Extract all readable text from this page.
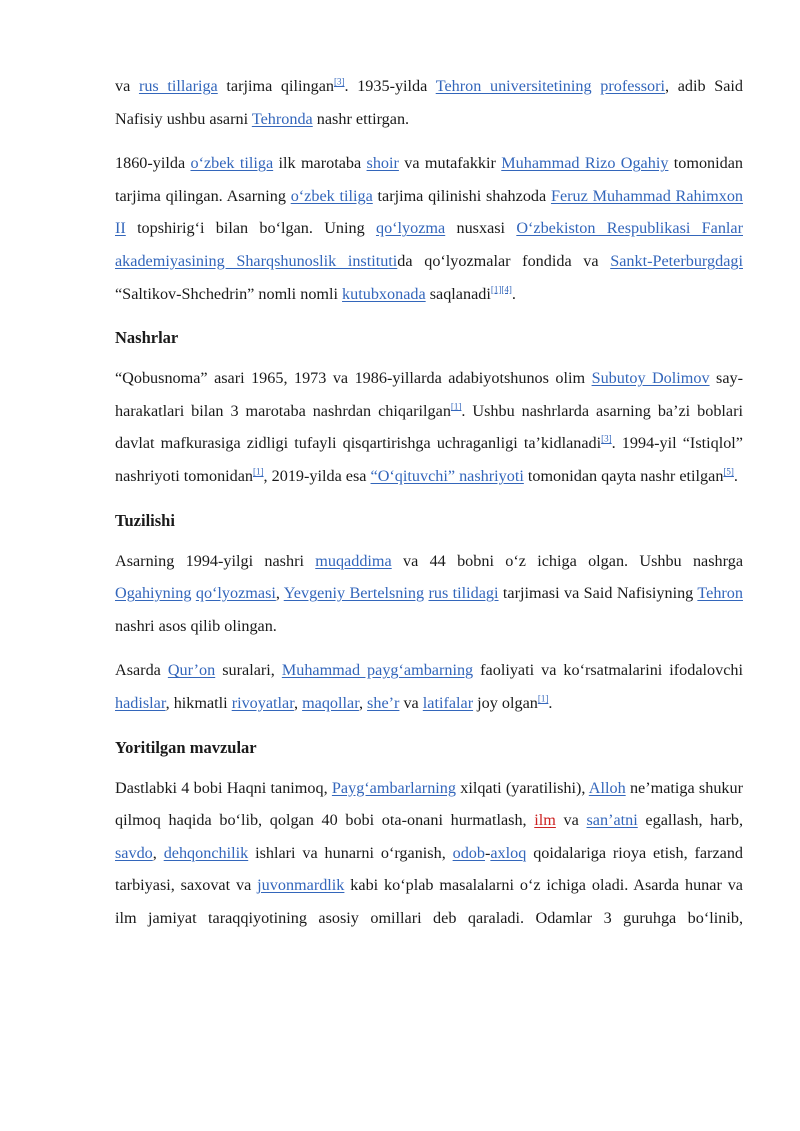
va rus tillariga tarjima qilingan[3]. 1935-yilda Tehron universitetining professori, adib Said Nafisiy ushbu asarni Tehronda nashr ettirgan.

1860-yilda oʻzbek tiliga ilk marotaba shoir va mutafakkir Muhammad Rizo Ogahiy tomonidan tarjima qilingan. Asarning oʻzbek tiliga tarjima qilinishi shahzoda Feruz Muhammad Rahimxon II topshirigʻi bilan boʻlgan. Uning qoʻlyozma nusxasi Oʻzbekiston Respublikasi Fanlar akademiyasining Sharqshunoslik institutida qoʻlyozmalar fondida va Sankt-Peterburgdagi “Saltikov-Shchedrin” nomli nomli kutubxonada saqlanadi[1][4].

Nashrlar

“Qobusnoma” asari 1965, 1973 va 1986-yillarda adabiyotshunos olim Subutoy Dolimov say-harakatlari bilan 3 marotaba nashrdan chiqarilgan[1]. Ushbu nashrlarda asarning ba’zi boblari davlat mafkurasiga zidligi tufayli qisqartirishga uchraganligi ta’kidlanadi[3]. 1994-yil “Istiqlol” nashriyoti tomonidan[1], 2019-yilda esa “Oʻqituvchi” nashriyoti tomonidan qayta nashr etilgan[5].

Tuzilishi

Asarning 1994-yilgi nashri muqaddima va 44 bobni oʻz ichiga olgan. Ushbu nashrga Ogahiyning qoʻlyozmasi, Yevgeniy Bertelsning rus tilidagi tarjimasi va Said Nafisiyning Tehron nashri asos qilib olingan.

Asarda Qur’on suralari, Muhammad paygʻambarning faoliyati va koʻrsatmalarini ifodalovchi hadislar, hikmatli rivoyatlar, maqollar, she’r va latifalar joy olgan[1].

Yoritilgan mavzular

Dastlabki 4 bobi Haqni tanimoq, Paygʻambarlarning xilqati (yaratilishi), Alloh ne’matiga shukur qilmoq haqida boʻlib, qolgan 40 bobi ota-onani hurmatlash, ilm va san’atni egallash, harb, savdo, dehqonchilik ishlari va hunarni oʻrganish, odob-axloq qoidalariga rioya etish, farzand tarbiyasi, saxovat va juvonmardlik kabi koʻplab masalalarni oʻz ichiga oladi. Asarda hunar va ilm jamiyat taraqqiyotining asosiy omillari deb qaraladi. Odamlar 3 guruhga boʻlinib,
